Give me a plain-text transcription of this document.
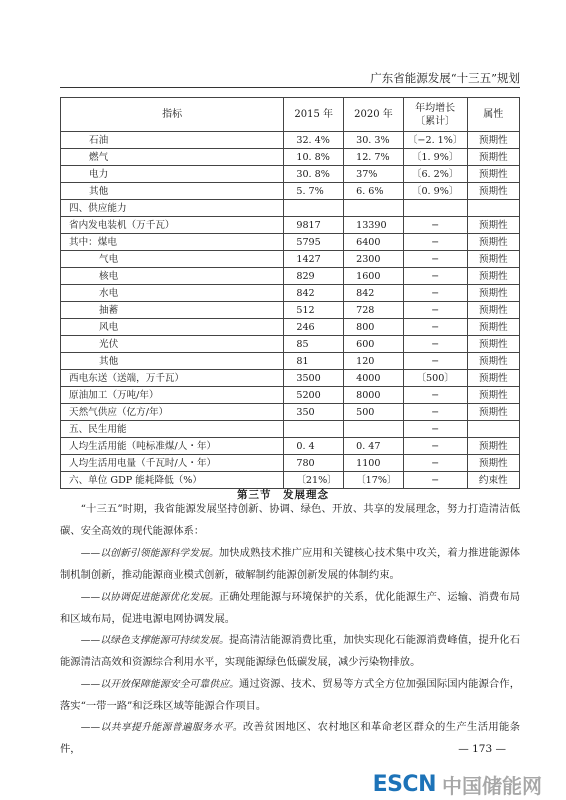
广东省能源发展“十三五”规划
指标	2015 年	2020 年	年均增长〔累计〕	属性
石油	32. 4%	30. 3%	〔−2. 1%〕	预期性
燃气	10. 8%	12. 7%	〔1. 9%〕	预期性
电力	30. 8%	37%	〔6. 2%〕	预期性
其他	5. 7%	6. 6%	〔0. 9%〕	预期性
四、供应能力				
省内发电装机（万千瓦）	9817	13390	−	预期性
其中：煤电	5795	6400	−	预期性
气电	1427	2300	−	预期性
核电	829	1600	−	预期性
水电	842	842	−	预期性
抽蓄	512	728	−	预期性
风电	246	800	−	预期性
光伏	85	600	−	预期性
其他	81	120	−	预期性
西电东送（送端，万千瓦）	3500	4000	〔500〕	预期性
原油加工（万吨/年）	5200	8000	−	预期性
天然气供应（亿方/年）	350	500	−	预期性
五、民生用能			−	
人均生活用能（吨标准煤/人・年）	0. 4	0. 47	−	预期性
人均生活用电量（千瓦时/人・年）	780	1100	−	预期性
六、单位 GDP 能耗降低（%）	〔21%〕	〔17%〕	−	约束性
第三节　发展理念
“十三五”时期，我省能源发展坚持创新、协调、绿色、开放、共享的发展理念，努力打造清洁低碳、安全高效的现代能源体系：
——以创新引领能源科学发展。加快成熟技术推广应用和关键核心技术集中攻关，着力推进能源体制机制创新，推动能源商业模式创新，破解制约能源创新发展的体制约束。
——以协调促进能源优化发展。正确处理能源与环境保护的关系，优化能源生产、运输、消费布局和区域布局，促进电源电网协调发展。
——以绿色支撑能源可持续发展。提高清洁能源消费比重，加快实现化石能源消费峰值，提升化石能源清洁高效和资源综合利用水平，实现能源绿色低碳发展，减少污染物排放。
——以开放保障能源安全可靠供应。通过资源、技术、贸易等方式全方位加强国际国内能源合作，落实“一带一路”和泛珠区域等能源合作项目。
——以共享提升能源普遍服务水平。改善贫困地区、农村地区和革命老区群众的生产生活用能条件，	— 173 —
ESCN 中国储能网
